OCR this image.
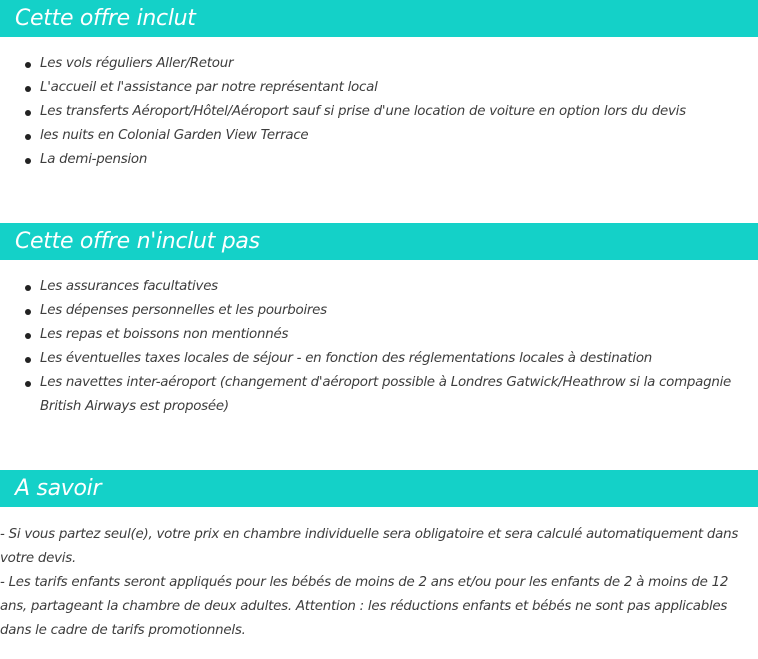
Cette offre inclut
Les vols réguliers Aller/Retour
L'accueil et l'assistance par notre représentant local
Les transferts Aéroport/Hôtel/Aéroport sauf si prise d'une location de voiture en option lors du devis
les nuits en Colonial Garden View Terrace
La demi-pension
Cette offre n'inclut pas
Les assurances facultatives
Les dépenses personnelles et les pourboires
Les repas et boissons non mentionnés
Les éventuelles taxes locales de séjour - en fonction des réglementations locales à destination
Les navettes inter-aéroport (changement d'aéroport possible à Londres Gatwick/Heathrow si la compagnie British Airways est proposée)
A savoir

- Si vous partez seul(e), votre prix en chambre individuelle sera obligatoire et sera calculé automatiquement dans votre devis.

- Les tarifs enfants seront appliqués pour les bébés de moins de 2 ans et/ou pour les enfants de 2 à moins de 12 ans, partageant la chambre de deux adultes. Attention : les réductions enfants et bébés ne sont pas applicables dans le cadre de tarifs promotionnels.
